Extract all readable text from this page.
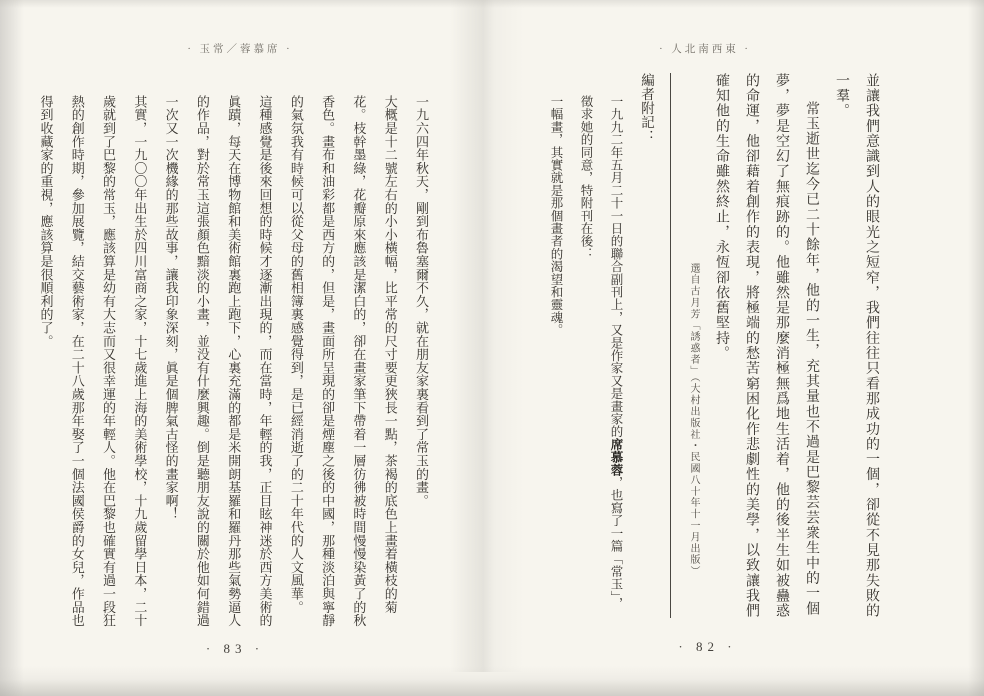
· 玉常／蓉慕席 ·

一九六四年秋天，剛到布魯塞爾不久，就在朋友家裏看到了常玉的畫。

大概是十二號左右的小小橫幅，比平常的尺寸要更狹長一點，茶褐的底色上畫着橫枝的菊花。枝幹墨綠，花瓣原來應該是潔白的，卻在畫家筆下帶着一層彷彿被時間慢慢染黃了的秋香色。畫布和油彩都是西方的，但是，畫面所呈現的卻是煙塵之後的中國，那種淡泊與寧靜的氣氛我有時候可以從父母的舊相簿裏感覺得到，是已經消逝了的二十年代的人文風華。

這種感覺是後來回想的時候才逐漸出現的，而在當時，年輕的我，正目眩神迷於西方美術的眞蹟，每天在博物館和美術館裏跑上跑下，心裏充滿的都是米開朗基羅和羅丹那些氣勢逼人的作品，對於常玉這張顏色黯淡的小畫，並没有什麼興趣。倒是聽朋友說的關於他如何錯過一次又一次機緣的那些故事，讓我印象深刻，眞是個脾氣古怪的畫家啊！

其實，一九〇〇年出生於四川富商之家，十七歲進上海的美術學校，十九歲留學日本，二十歲就到了巴黎的常玉，應該算是幼有大志而又很幸運的年輕人。他在巴黎也確實有過一段狂熱的創作時期，參加展覽，結交藝術家，在二十八歲那年娶了一個法國侯爵的女兒，作品也得到收藏家的重視，應該算是很順利的了。

· 83 ·
· 人北南西東 ·

並讓我們意識到人的眼光之短窄，我們往往只看那成功的一個，卻從不見那失敗的一羣。

常玉逝世迄今已二十餘年，他的一生，充其量也不過是巴黎芸芸衆生中的一個夢，夢是空幻了無痕跡的。他雖然是那麼消極無爲地生活着，他的後半生如被蠱惑的命運，他卻藉着創作的表現，將極端的愁苦窮困化作悲劇性的美學，以致讓我們確知他的生命雖然終止，永恆卻依舊堅持。

選自古月芳「誘惑者」（大村出版社・民國八十年十一月出版）

編者附記：

一九九二年五月二十一日的聯合副刊上，又是作家又是畫家的席慕蓉，也寫了一篇「常玉」，

徵求她的同意，特附刊在後：

一幅畫，其實就是那個畫者的渴望和靈魂。

· 82 ·
